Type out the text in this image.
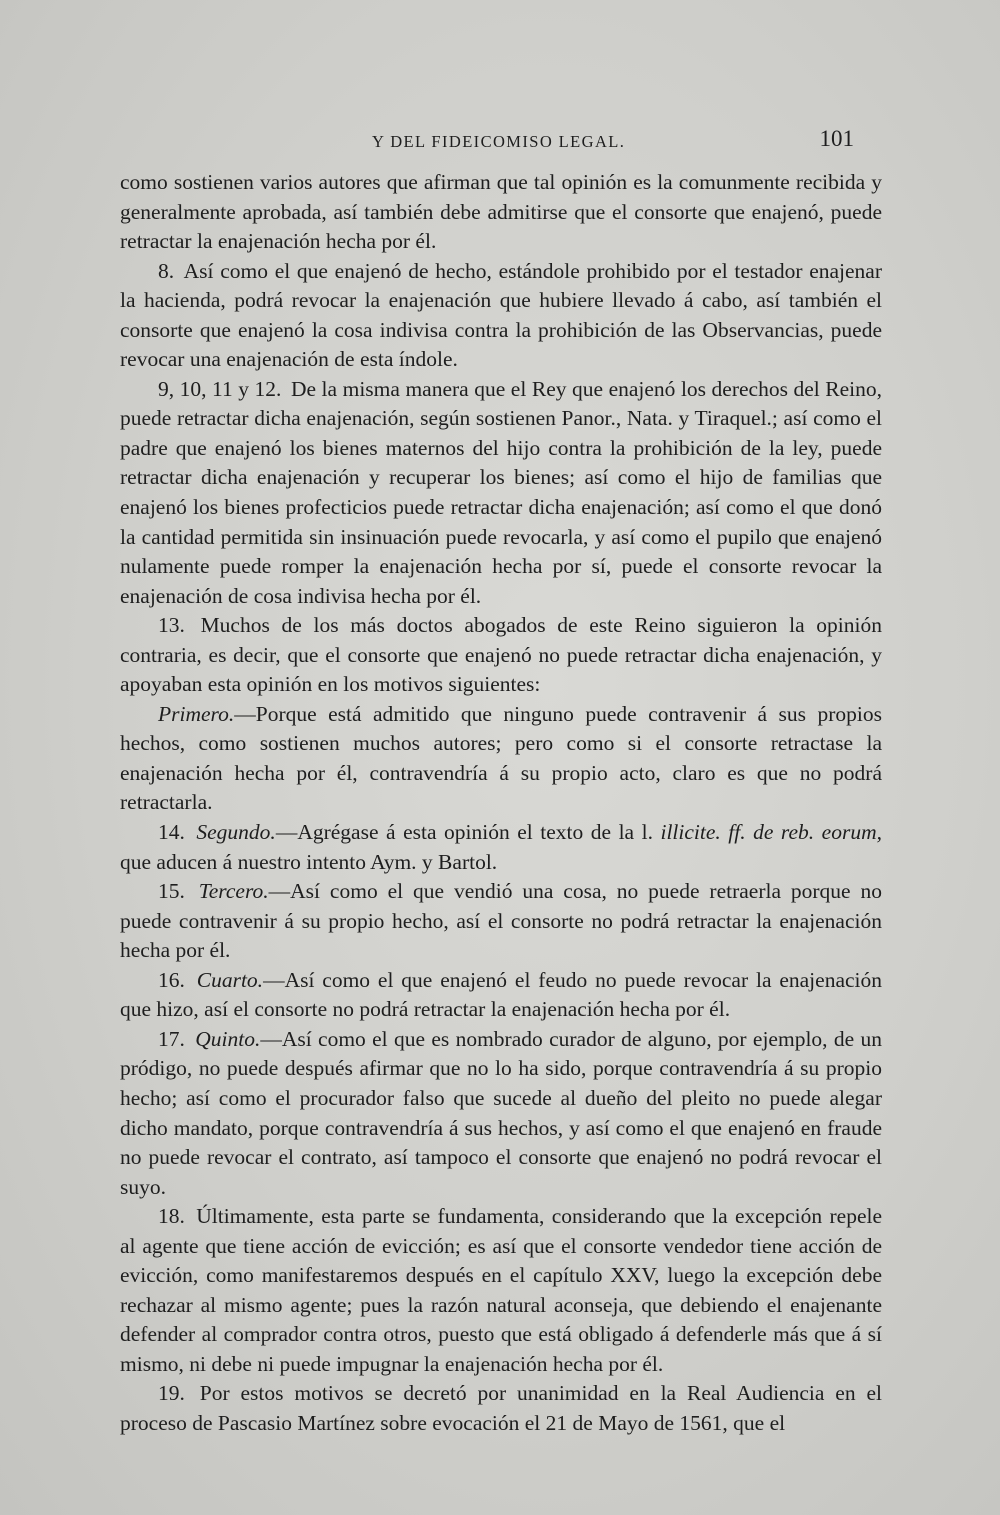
Y DEL FIDEICOMISO LEGAL.	101

como sostienen varios autores que afirman que tal opinión es la comunmente recibida y generalmente aprobada, así también debe admitirse que el consorte que enajenó, puede retractar la enajenación hecha por él.

8. Así como el que enajenó de hecho, estándole prohibido por el testador enajenar la hacienda, podrá revocar la enajenación que hubiere llevado á cabo, así también el consorte que enajenó la cosa indivisa contra la prohibición de las Observancias, puede revocar una enajenación de esta índole.

9, 10, 11 y 12. De la misma manera que el Rey que enajenó los derechos del Reino, puede retractar dicha enajenación, según sostienen Panor., Nata. y Tiraquel.; así como el padre que enajenó los bienes maternos del hijo contra la prohibición de la ley, puede retractar dicha enajenación y recuperar los bienes; así como el hijo de familias que enajenó los bienes profecticios puede retractar dicha enajenación; así como el que donó la cantidad permitida sin insinuación puede revocarla, y así como el pupilo que enajenó nulamente puede romper la enajenación hecha por sí, puede el consorte revocar la enajenación de cosa indivisa hecha por él.

13. Muchos de los más doctos abogados de este Reino siguieron la opinión contraria, es decir, que el consorte que enajenó no puede retractar dicha enajenación, y apoyaban esta opinión en los motivos siguientes:

Primero.—Porque está admitido que ninguno puede contravenir á sus propios hechos, como sostienen muchos autores; pero como si el consorte retractase la enajenación hecha por él, contravendría á su propio acto, claro es que no podrá retractarla.

14. Segundo.—Agrégase á esta opinión el texto de la l. illicite. ff. de reb. eorum, que aducen á nuestro intento Aym. y Bartol.

15. Tercero.—Así como el que vendió una cosa, no puede retraerla porque no puede contravenir á su propio hecho, así el consorte no podrá retractar la enajenación hecha por él.

16. Cuarto.—Así como el que enajenó el feudo no puede revocar la enajenación que hizo, así el consorte no podrá retractar la enajenación hecha por él.

17. Quinto.—Así como el que es nombrado curador de alguno, por ejemplo, de un pródigo, no puede después afirmar que no lo ha sido, porque contravendría á su propio hecho; así como el procurador falso que sucede al dueño del pleito no puede alegar dicho mandato, porque contravendría á sus hechos, y así como el que enajenó en fraude no puede revocar el contrato, así tampoco el consorte que enajenó no podrá revocar el suyo.

18. Últimamente, esta parte se fundamenta, considerando que la excepción repele al agente que tiene acción de evicción; es así que el consorte vendedor tiene acción de evicción, como manifestaremos después en el capítulo XXV, luego la excepción debe rechazar al mismo agente; pues la razón natural aconseja, que debiendo el enajenante defender al comprador contra otros, puesto que está obligado á defenderle más que á sí mismo, ni debe ni puede impugnar la enajenación hecha por él.

19. Por estos motivos se decretó por unanimidad en la Real Audiencia en el proceso de Pascasio Martínez sobre evocación el 21 de Mayo de 1561, que el
